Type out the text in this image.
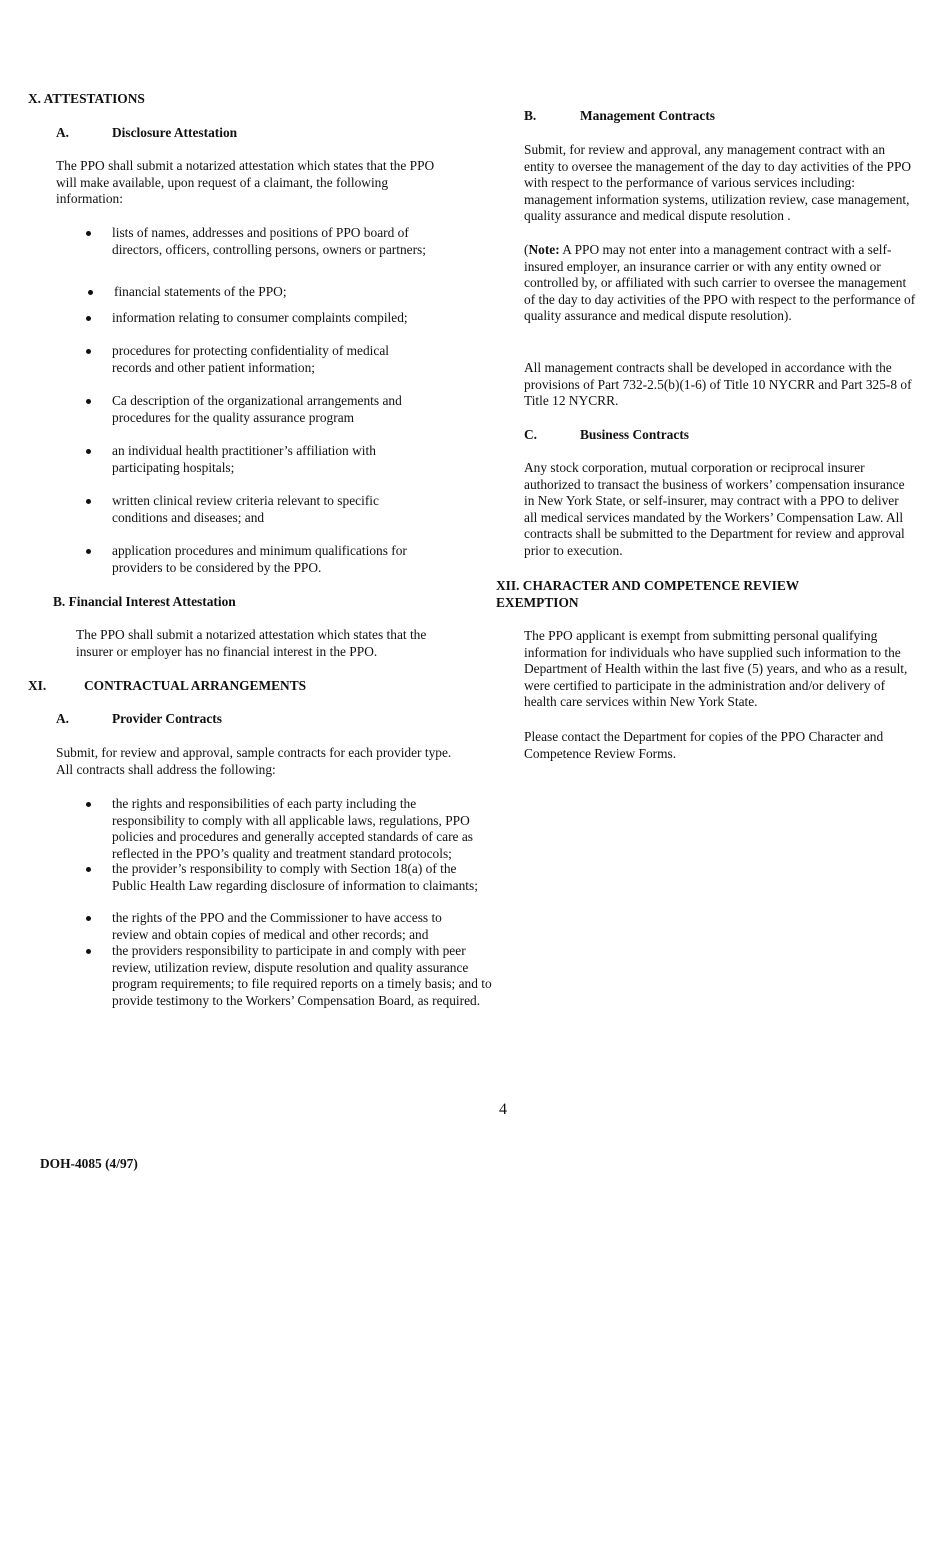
X. ATTESTATIONS
A.	Disclosure Attestation
The PPO shall submit a notarized attestation which states that the PPO will make available, upon request of a claimant, the following information:
lists of names, addresses and positions of PPO board of directors, officers, controlling persons, owners or partners;
financial statements of the PPO;
information relating to consumer complaints compiled;
procedures for protecting confidentiality of medical records and other patient information;
Ca description of the organizational arrangements and procedures for the quality assurance program
an individual health practitioner’s affiliation with participating hospitals;
written clinical review criteria relevant to specific conditions and diseases; and
application procedures and minimum qualifications for providers to be considered by the PPO.
B. Financial Interest Attestation
The PPO shall submit a notarized attestation which states that the insurer or employer has no financial interest in the PPO.
XI.	CONTRACTUAL ARRANGEMENTS
A.	Provider Contracts
Submit, for review and approval, sample contracts for each provider type. All contracts shall address the following:
the rights and responsibilities of each party including the responsibility to comply with all applicable laws, regulations, PPO policies and procedures and generally accepted standards of care as reflected in the PPO’s quality and treatment standard protocols;
the provider’s responsibility to comply with Section 18(a) of the Public Health Law regarding disclosure of information to claimants;
the rights of the PPO and the Commissioner to have access to review and obtain copies of medical and other records; and
the providers responsibility to participate in and comply with peer review, utilization review, dispute resolution and quality assurance program requirements; to file required reports on a timely basis; and to provide testimony to the Workers’ Compensation Board, as required.
B.	Management Contracts
Submit, for review and approval, any management contract with an entity to oversee the management of the day to day activities of the PPO with respect to the performance of various services including: management information systems, utilization review, case management, quality assurance and medical dispute resolution .
(Note: A PPO may not enter into a management contract with a self-insured employer, an insurance carrier or with any entity owned or controlled by, or affiliated with such carrier to oversee the management of the day to day activities of the PPO with respect to the performance of quality assurance and medical dispute resolution).
All management contracts shall be developed in accordance with the provisions of Part 732-2.5(b)(1-6) of Title 10 NYCRR and Part 325-8 of Title 12 NYCRR.
C.	Business Contracts
Any stock corporation, mutual corporation or reciprocal insurer authorized to transact the business of workers’ compensation insurance in New York State, or self-insurer, may contract with a PPO to deliver all medical services mandated by the Workers’ Compensation Law. All contracts shall be submitted to the Department for review and approval prior to execution.
XII. CHARACTER AND COMPETENCE REVIEW EXEMPTION
The PPO applicant is exempt from submitting personal qualifying information for individuals who have supplied such information to the Department of Health within the last five (5) years, and who as a result, were certified to participate in the administration and/or delivery of health care services within New York State.
Please contact the Department for copies of the PPO Character and Competence Review Forms.
4
DOH-4085 (4/97)
